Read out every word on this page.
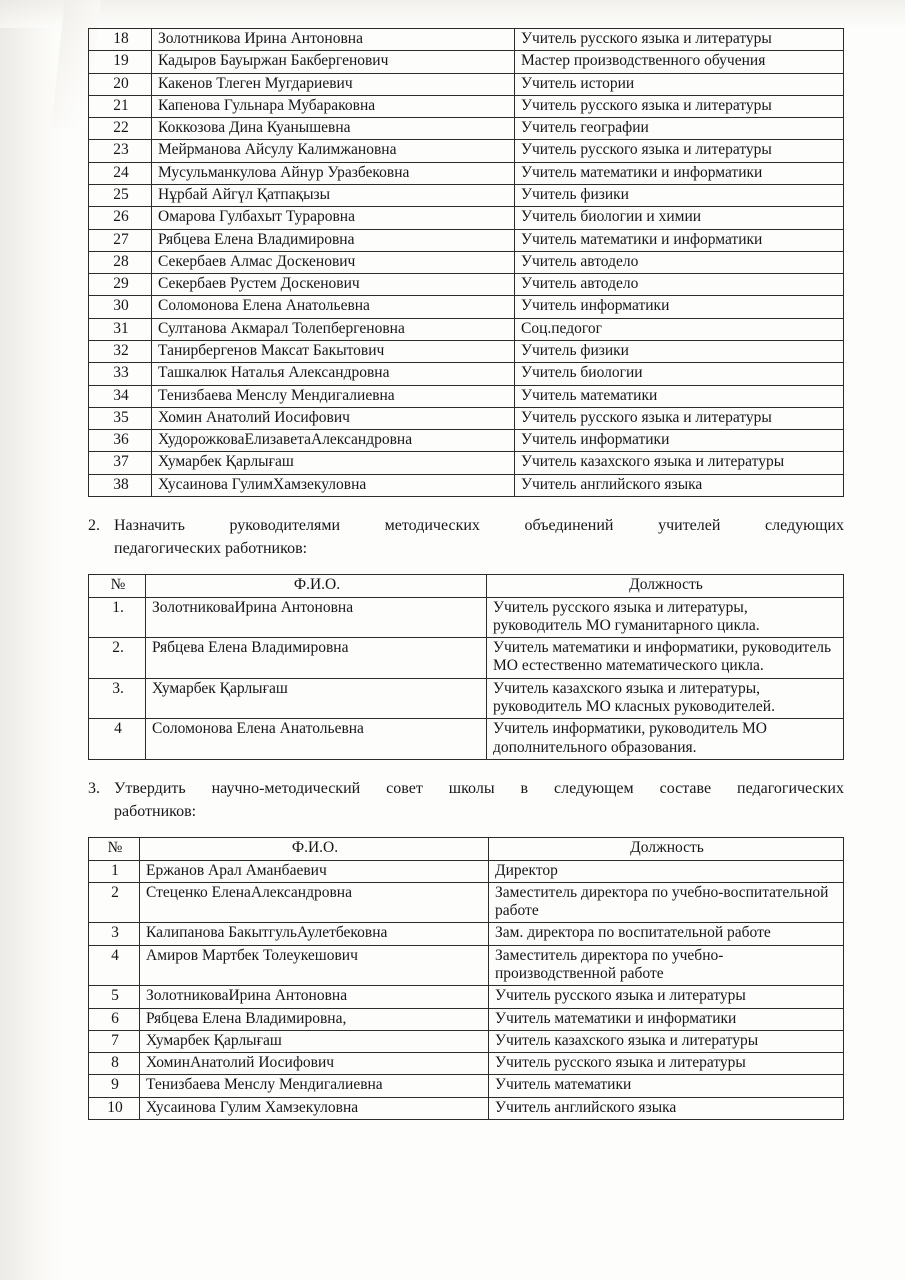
18	Золотникова Ирина Антоновна	Учитель русского языка и литературы
19	Кадыров Бауыржан Бакбергенович	Мастер производственного обучения
20	Какенов Тлеген Мугдариевич	Учитель истории
21	Капенова Гульнара Мубараковна	Учитель русского языка и литературы
22	Коккозова Дина Куанышевна	Учитель географии
23	Мейрманова Айсулу Калимжановна	Учитель русского языка и литературы
24	Мусульманкулова Айнур Уразбековна	Учитель математики и информатики
25	Нұрбай Айгүл Қатпақызы	Учитель физики
26	Омарова Гулбахыт Тураровна	Учитель биологии и химии
27	Рябцева Елена Владимировна	Учитель математики и информатики
28	Секербаев Алмас Доскенович	Учитель автодело
29	Секербаев Рустем Доскенович	Учитель автодело
30	Соломонова Елена Анатольевна	Учитель информатики
31	Султанова Акмарал Толепбергеновна	Соц.педогог
32	Танирбергенов Максат Бакытович	Учитель физики
33	Ташкалюк Наталья Александровна	Учитель биологии
34	Тенизбаева Менслу Мендигалиевна	Учитель математики
35	Хомин Анатолий Иосифович	Учитель русского языка и литературы
36	ХудорожковаЕлизаветаАлександровна	Учитель информатики
37	Хумарбек Қарлығаш	Учитель казахского языка и литературы
38	Хусаинова ГулимХамзекуловна	Учитель английского языка
2. Назначить руководителями методических объединений учителей следующих
педагогических работников:
№	Ф.И.О.	Должность
1.	ЗолотниковаИрина Антоновна	Учитель русского языка и литературы, руководитель МО гуманитарного цикла.
2.	Рябцева Елена Владимировна	Учитель математики и информатики, руководитель МО естественно математического цикла.
3.	Хумарбек Қарлығаш	Учитель казахского языка и литературы, руководитель МО класных руководителей.
4	Соломонова Елена Анатольевна	Учитель информатики, руководитель МО дополнительного образования.
3. Утвердить научно-методический совет школы в следующем составе педагогических
работников:
№	Ф.И.О.	Должность
1	Ержанов Арал Аманбаевич	Директор
2	Стеценко ЕленаАлександровна	Заместитель директора по учебно-воспитательной работе
3	Калипанова БакытгульАулетбековна	Зам. директора по воспитательной работе
4	Амиров Мартбек Толеукешович	Заместитель директора по учебно-производственной работе
5	ЗолотниковаИрина Антоновна	Учитель русского языка и литературы
6	Рябцева Елена Владимировна,	Учитель математики и информатики
7	Хумарбек Қарлығаш	Учитель казахского языка и литературы
8	ХоминАнатолий Иосифович	Учитель русского языка и литературы
9	Тенизбаева Менслу Мендигалиевна	Учитель математики
10	Хусаинова Гулим Хамзекуловна	Учитель английского языка
